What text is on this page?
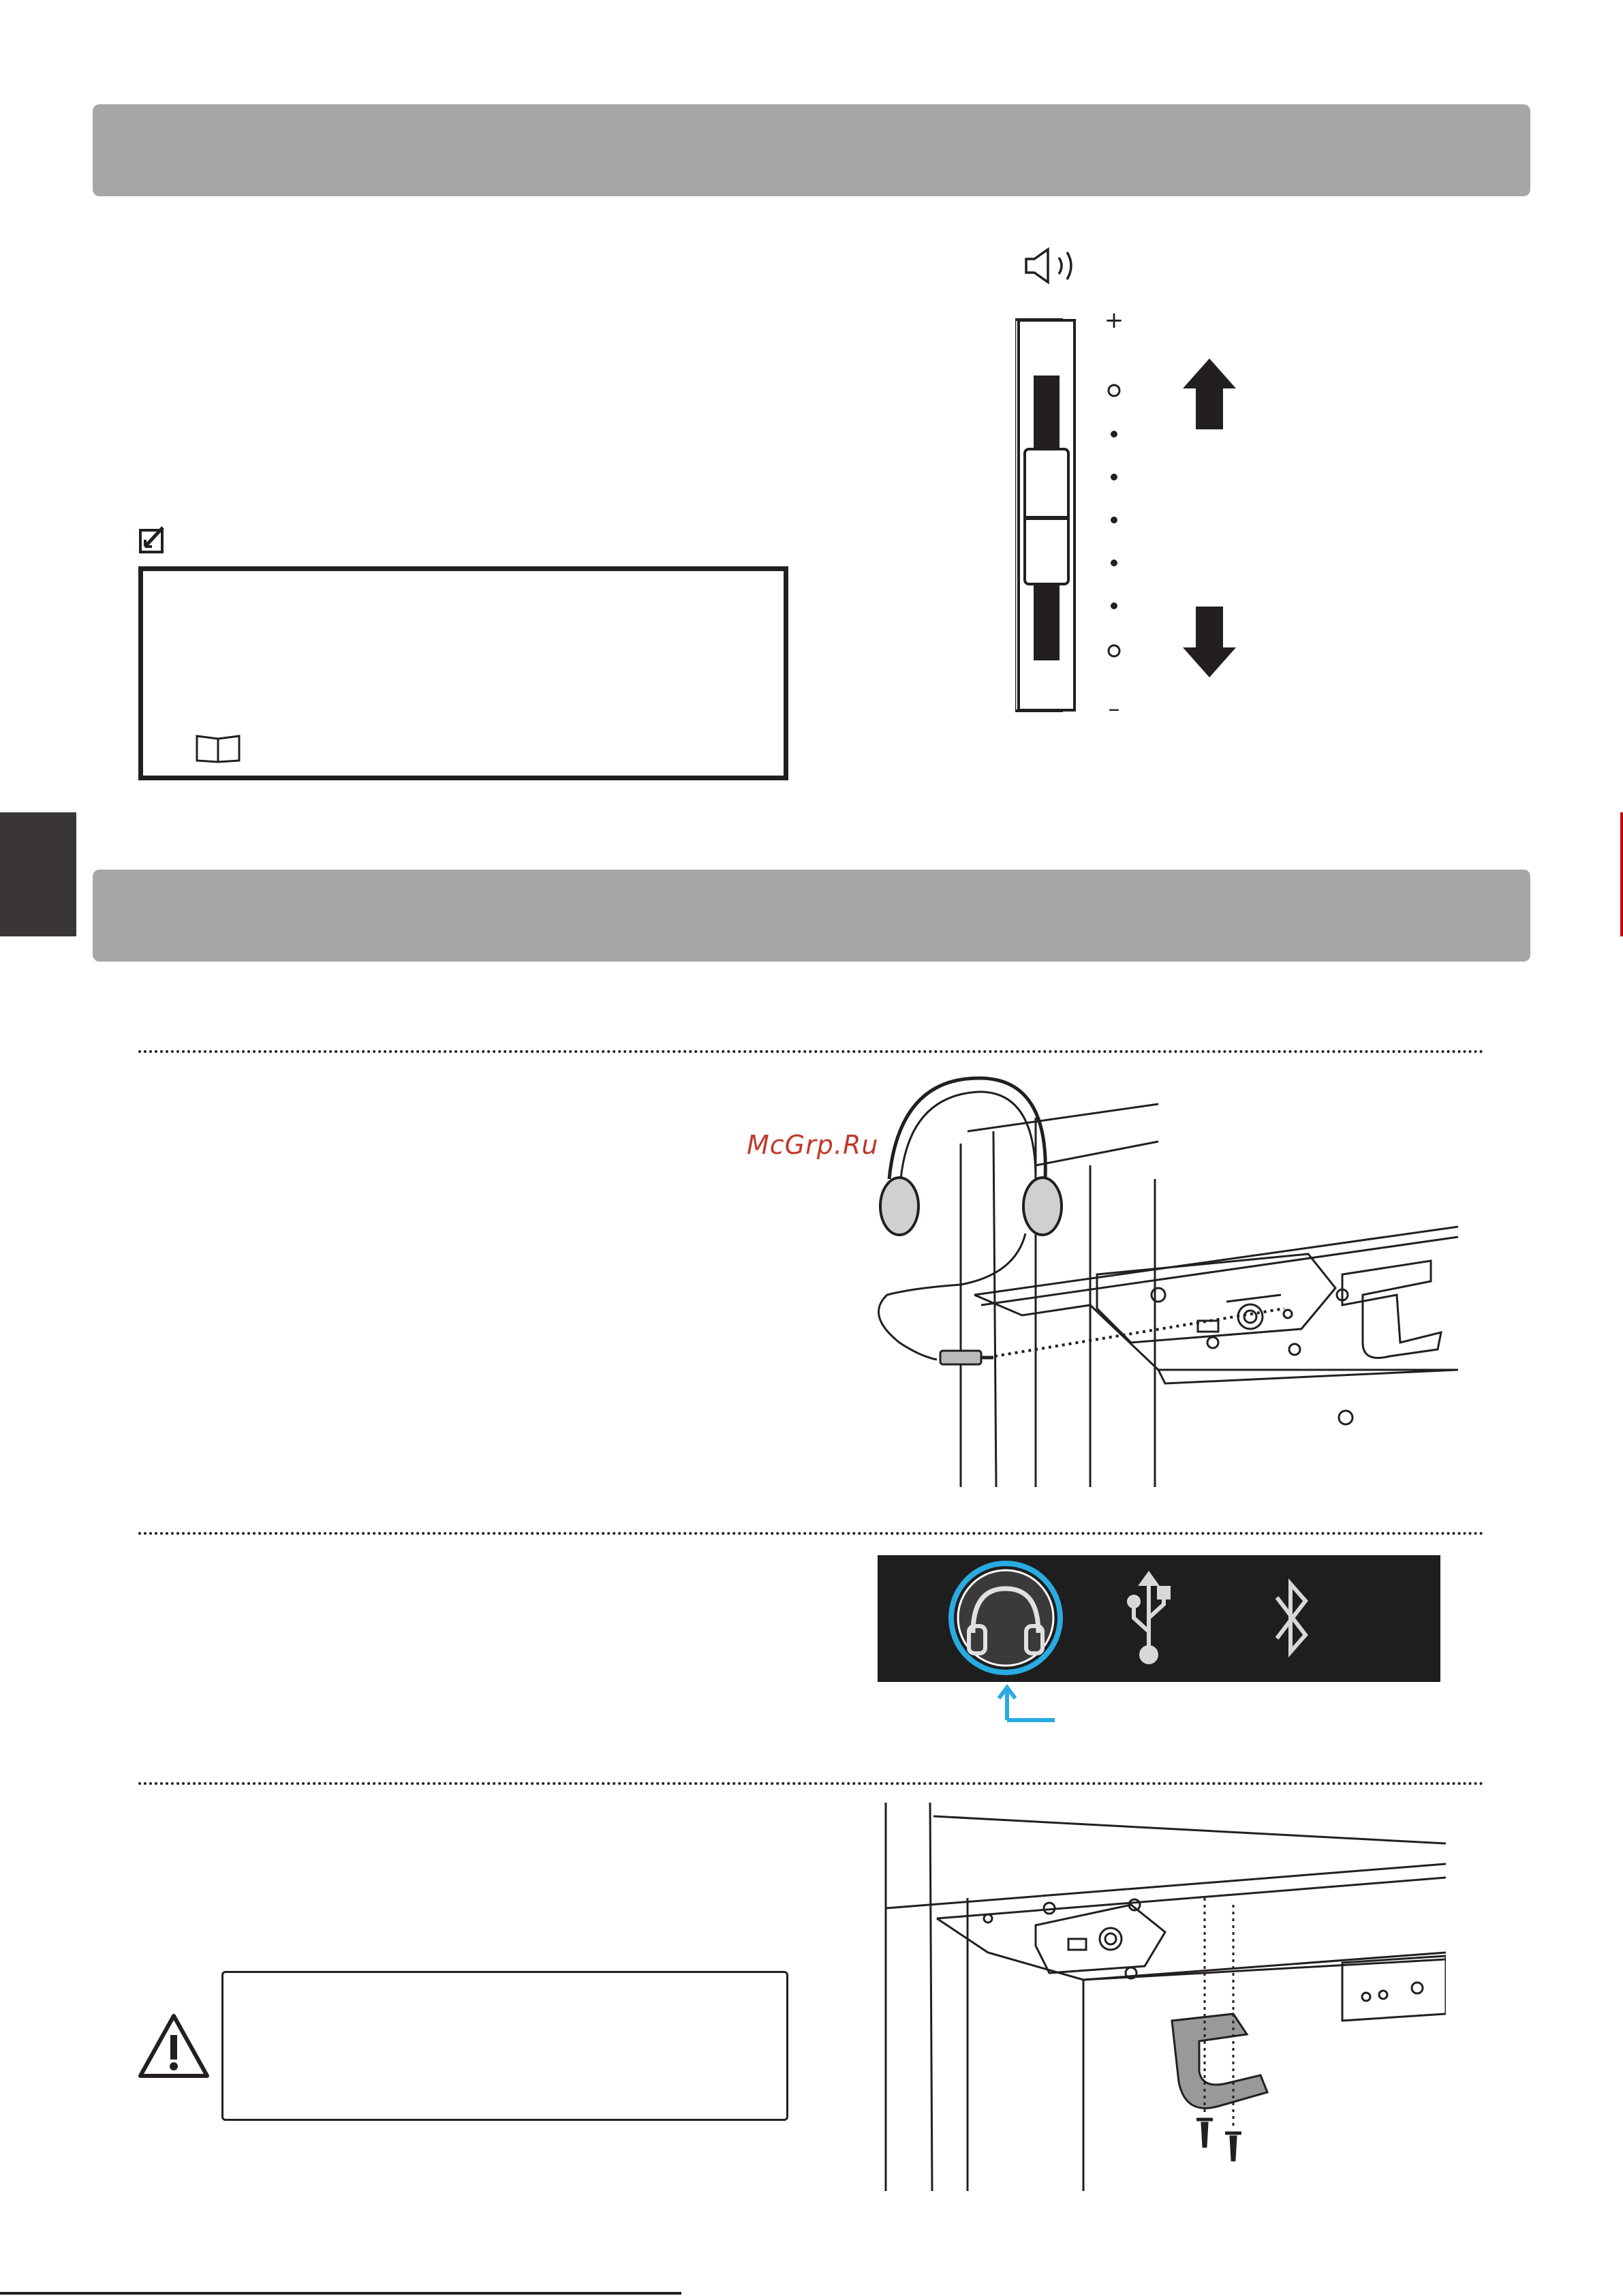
+
–
McGrp.Ru
